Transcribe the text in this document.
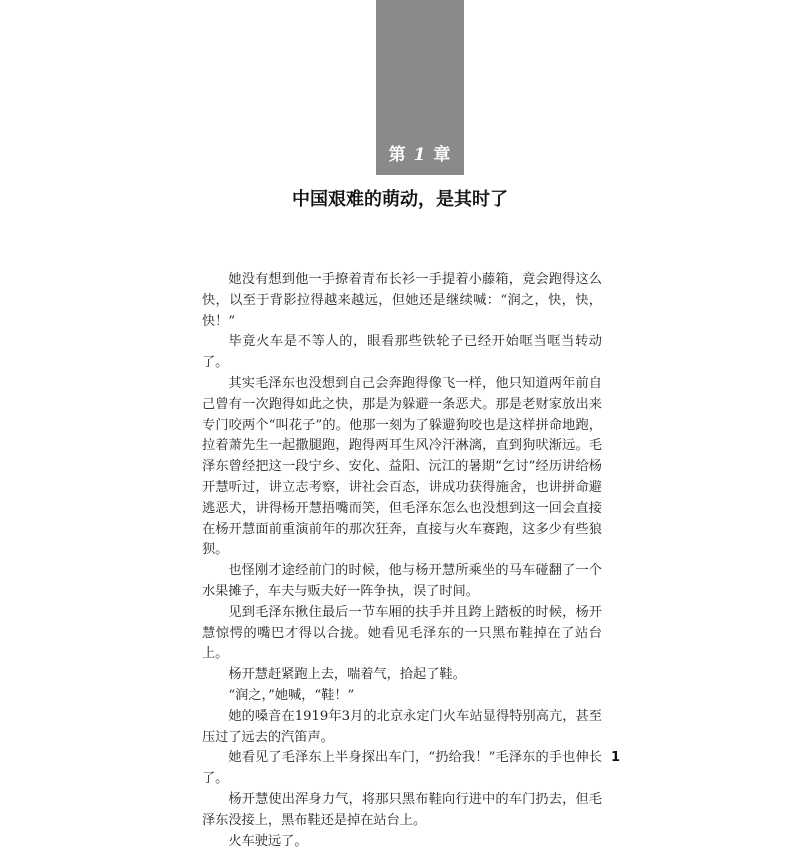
第 1 章
中国艰难的萌动，是其时了

她没有想到他一手撩着青布长衫一手提着小藤箱，竟会跑得这么快，以至于背影拉得越来越远，但她还是继续喊：“润之，快，快，快！”

毕竟火车是不等人的，眼看那些铁轮子已经开始哐当哐当转动了。

其实毛泽东也没想到自己会奔跑得像飞一样，他只知道两年前自己曾有一次跑得如此之快，那是为躲避一条恶犬。那是老财家放出来专门咬两个“叫花子”的。他那一刻为了躲避狗咬也是这样拼命地跑，拉着萧先生一起撒腿跑，跑得两耳生风冷汗淋漓，直到狗吠渐远。毛泽东曾经把这一段宁乡、安化、益阳、沅江的暑期“乞讨”经历讲给杨开慧听过，讲立志考察，讲社会百态，讲成功获得施舍，也讲拼命避逃恶犬，讲得杨开慧捂嘴而笑，但毛泽东怎么也没想到这一回会直接在杨开慧面前重演前年的那次狂奔，直接与火车赛跑，这多少有些狼狈。

也怪刚才途经前门的时候，他与杨开慧所乘坐的马车碰翻了一个水果摊子，车夫与贩夫好一阵争执，误了时间。

见到毛泽东揪住最后一节车厢的扶手并且跨上踏板的时候，杨开慧惊愕的嘴巴才得以合拢。她看见毛泽东的一只黑布鞋掉在了站台上。

杨开慧赶紧跑上去，喘着气，拾起了鞋。

“润之，”她喊，“鞋！”

她的嗓音在1919年3月的北京永定门火车站显得特别高亢，甚至压过了远去的汽笛声。

她看见了毛泽东上半身探出车门，“扔给我！”毛泽东的手也伸长了。

杨开慧使出浑身力气，将那只黑布鞋向行进中的车门扔去，但毛泽东没接上，黑布鞋还是掉在站台上。

火车驶远了。

1
